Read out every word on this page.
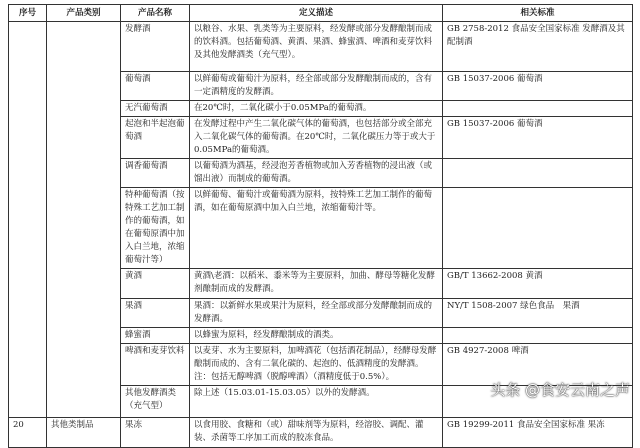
序号	产品类别	产品名称	定义描述	相关标准
		发酵酒	以粮谷、水果、乳类等为主要原料，经发酵或部分发酵酿制而成的饮料酒。包括葡萄酒、黄酒、果酒、蜂蜜酒、啤酒和麦芽饮料及其他发酵酒类（充气型）。	GB 2758-2012 食品安全国家标准 发酵酒及其配制酒
		葡萄酒	以鲜葡萄或葡萄汁为原料，经全部或部分发酵酿制而成的，含有一定酒精度的发酵酒。	GB 15037-2006 葡萄酒
		无汽葡萄酒	在20℃时，二氧化碳小于0.05MPa的葡萄酒。	
		起泡和半起泡葡萄酒	在发酵过程中产生二氧化碳气体的葡萄酒，也包括部分或全部充入二氧化碳气体的葡萄酒。在20℃时，二氧化碳压力等于或大于0.05MPa的葡萄酒。	GB 15037-2006 葡萄酒
		调香葡萄酒	以葡萄酒为酒基，经浸泡芳香植物或加入芳香植物的浸出液（或馏出液）而制成的葡萄酒。	
		特种葡萄酒（按特殊工艺加工制作的葡萄酒，如在葡萄原酒中加入白兰地，浓缩葡萄汁等）	以鲜葡萄、葡萄汁或葡萄酒为原料，按特殊工艺加工制作的葡萄酒，如在葡萄原酒中加入白兰地，浓缩葡萄汁等。	
		黄酒	黄酒\老酒：以稻米、黍米等为主要原料，加曲、酵母等糖化发酵剂酿制而成的发酵酒。	GB/T 13662-2008 黄酒
		果酒	果酒：以新鲜水果或果汁为原料，经全部或部分发酵酿制而成的发酵酒。	NY/T 1508-2007 绿色食品　果酒
		蜂蜜酒	以蜂蜜为原料，经发酵酿制成的酒类。	
		啤酒和麦芽饮料	以麦芽、水为主要原料，加啤酒花（包括酒花制品），经酵母发酵酿制而成的、含有二氧化碳的、起泡的、低酒精度的发酵酒。注：包括无醇啤酒（脱醇啤酒）（酒精度低于0.5%）。	GB 4927-2008 啤酒
		其他发酵酒类（充气型）	除上述（15.03.01-15.03.05）以外的发酵酒。	
20	其他类制品	果冻	以食用胶、食糖和（或）甜味剂等为原料，经溶胶、调配、灌装、杀菌等工序加工而成的胶冻食品。	GB 19299-2011 食品安全国家标准 果冻
头条 @食安云南之声
